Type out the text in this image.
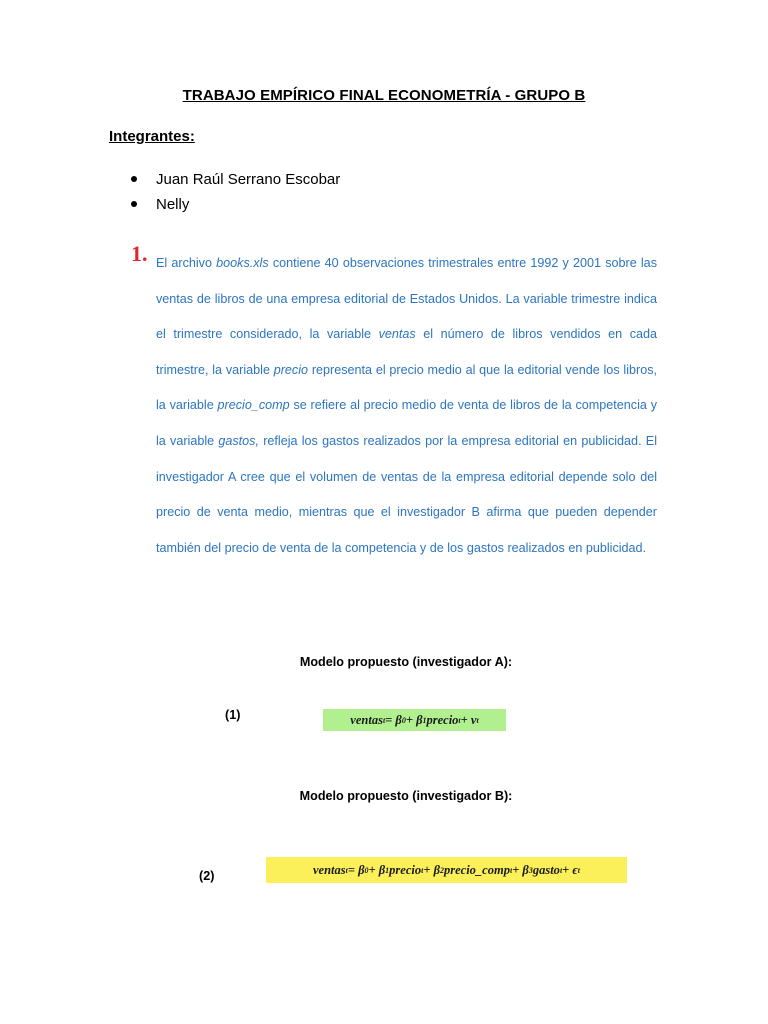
TRABAJO EMPÍRICO FINAL ECONOMETRÍA - GRUPO B
Integrantes:
Juan Raúl Serrano Escobar
Nelly
1. El archivo books.xls contiene 40 observaciones trimestrales entre 1992 y 2001 sobre las ventas de libros de una empresa editorial de Estados Unidos. La variable trimestre indica el trimestre considerado, la variable ventas el número de libros vendidos en cada trimestre, la variable precio representa el precio medio al que la editorial vende los libros, la variable precio_comp se refiere al precio medio de venta de libros de la competencia y la variable gastos, refleja los gastos realizados por la empresa editorial en publicidad. El investigador A cree que el volumen de ventas de la empresa editorial depende solo del precio de venta medio, mientras que el investigador B afirma que pueden depender también del precio de venta de la competencia y de los gastos realizados en publicidad.

Modelo propuesto (investigador A):
(1)	ventas t = β 0 + β 1 precio t + v t
Modelo propuesto (investigador B):
(2)	ventas t = β 0 + β 1 precio t + β 2 precio_comp t + β 3 gasto t + ϵ t
